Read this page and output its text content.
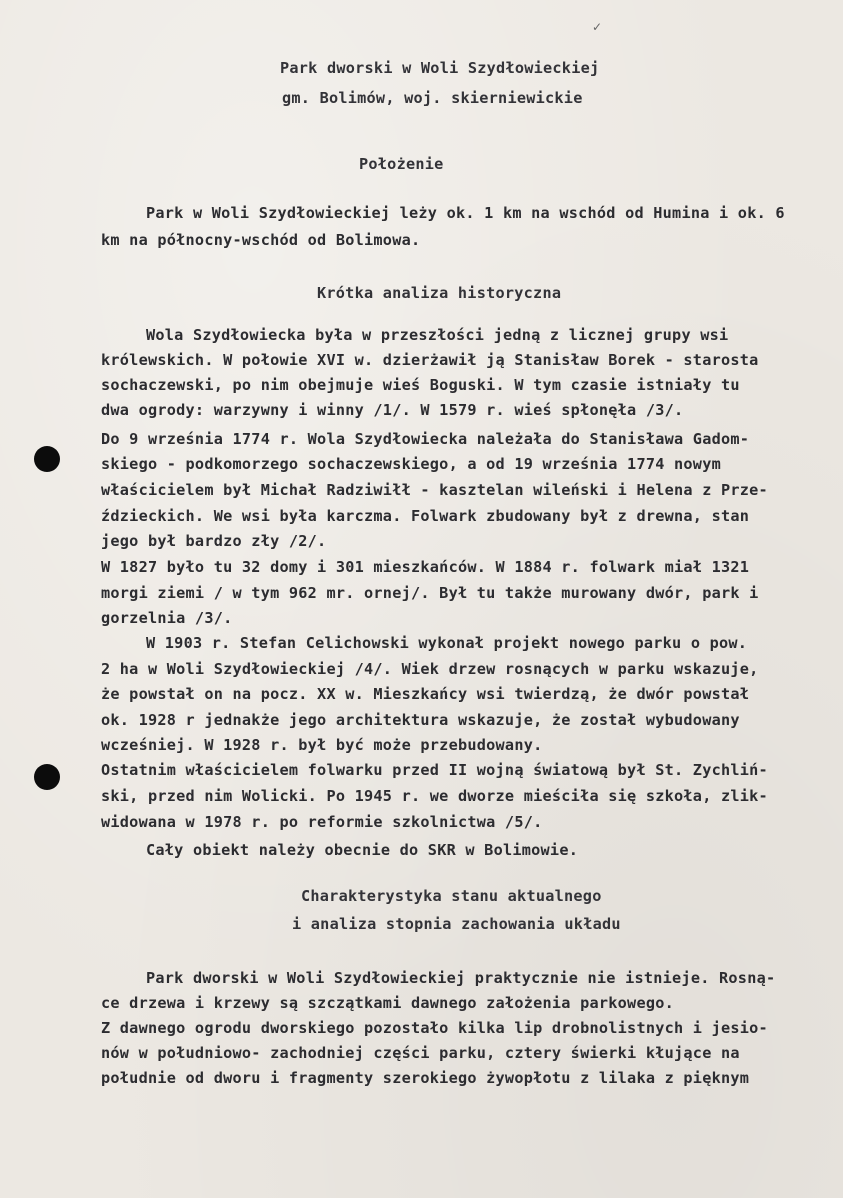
✓
Park dworski w Woli Szydłowieckiej
gm. Bolimów, woj. skierniewickie
Położenie
Park w Woli Szydłowieckiej leży ok. 1 km na wschód od Humina i ok. 6
km na północny-wschód od Bolimowa.
Krótka analiza historyczna
Wola Szydłowiecka była w przeszłości jedną z licznej grupy wsi
królewskich. W połowie XVI w. dzierżawił ją Stanisław Borek - starosta
sochaczewski, po nim obejmuje wieś Boguski. W tym czasie istniały tu
dwa ogrody: warzywny i winny /1/. W 1579 r. wieś spłonęła /3/.
Do 9 września 1774 r. Wola Szydłowiecka należała do Stanisława Gadom-
skiego - podkomorzego sochaczewskiego, a od 19 września 1774 nowym
właścicielem był Michał Radziwiłł - kasztelan wileński i Helena z Prze-
ździeckich. We wsi była karczma. Folwark zbudowany był z drewna, stan
jego był bardzo zły /2/.
W 1827 było tu 32 domy i 301 mieszkańców. W 1884 r. folwark miał 1321
morgi ziemi / w tym 962 mr. ornej/. Był tu także murowany dwór, park i
gorzelnia /3/.
W 1903 r. Stefan Celichowski wykonał projekt nowego parku o pow.
2 ha w Woli Szydłowieckiej /4/. Wiek drzew rosnących w parku wskazuje,
że powstał on na pocz. XX w. Mieszkańcy wsi twierdzą, że dwór powstał
ok. 1928 r jednakże jego architektura wskazuje, że został wybudowany
wcześniej. W 1928 r. był być może przebudowany.
Ostatnim właścicielem folwarku przed II wojną światową był St. Zychliń-
ski, przed nim Wolicki. Po 1945 r. we dworze mieściła się szkoła, zlik-
widowana w 1978 r. po reformie szkolnictwa /5/.
Cały obiekt należy obecnie do SKR w Bolimowie.
Charakterystyka stanu aktualnego
i analiza stopnia zachowania układu
Park dworski w Woli Szydłowieckiej praktycznie nie istnieje. Rosną-
ce drzewa i krzewy są szczątkami dawnego założenia parkowego.
Z dawnego ogrodu dworskiego pozostało kilka lip drobnolistnych i jesio-
nów w południowo- zachodniej części parku, cztery świerki kłujące na
południe od dworu i fragmenty szerokiego żywopłotu z lilaka z pięknym
